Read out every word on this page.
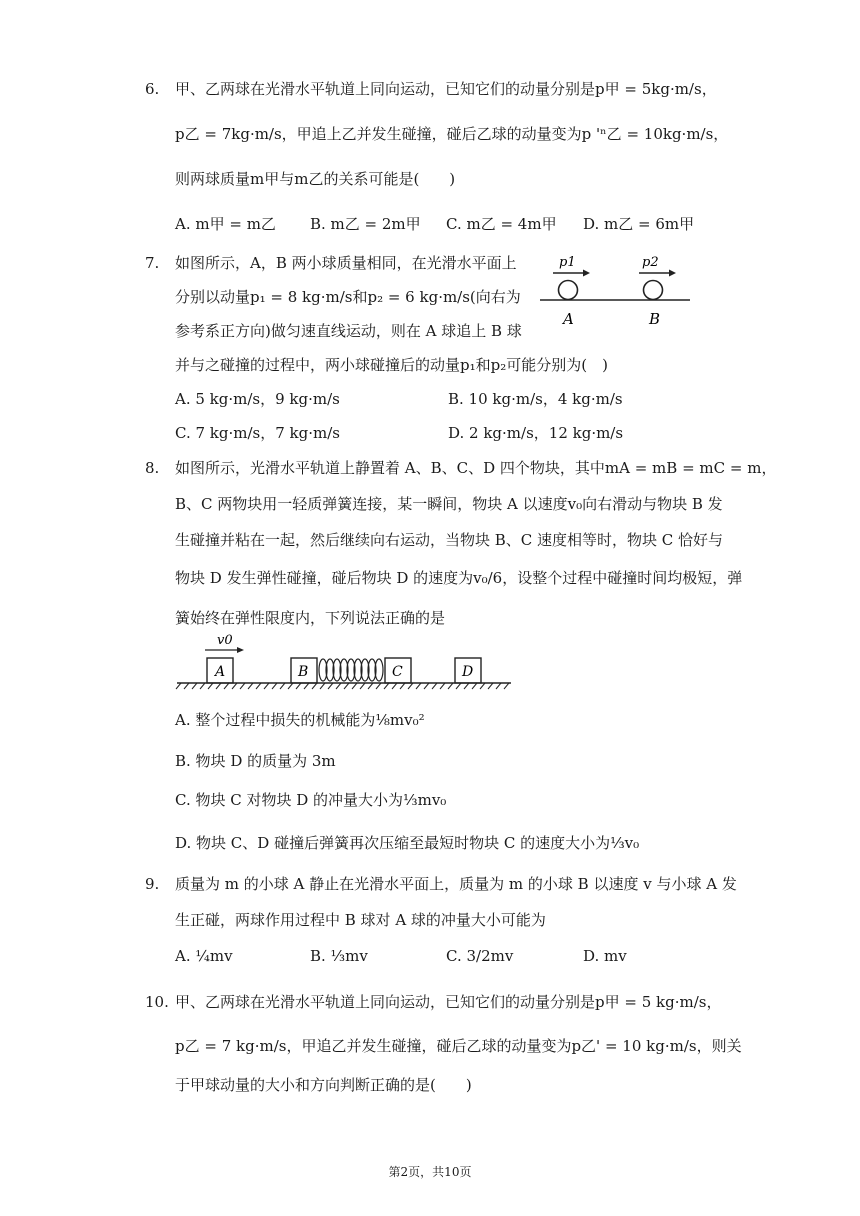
6. 甲、乙两球在光滑水平轨道上同向运动，已知它们的动量分别是p甲 = 5kg·m/s，
p乙 = 7kg·m/s，甲追上乙并发生碰撞，碰后乙球的动量变为p 'ⁿ乙 = 10kg·m/s，
则两球质量m甲与m乙的关系可能是(　　)
A. m甲 = m乙 B. m乙 = 2m甲 C. m乙 = 4m甲 D. m乙 = 6m甲
7. 如图所示，A，B 两小球质量相同，在光滑水平面上
分别以动量p₁ = 8 kg·m/s和p₂ = 6 kg·m/s(向右为
参考系正方向)做匀速直线运动，则在 A 球追上 B 球
并与之碰撞的过程中，两小球碰撞后的动量p₁和p₂可能分别为(　)
p1	p2
A	B
A. 5 kg·m/s，9 kg·m/s	B. 10 kg·m/s，4 kg·m/s
C. 7 kg·m/s，7 kg·m/s	D. 2 kg·m/s，12 kg·m/s
8. 如图所示，光滑水平轨道上静置着 A、B、C、D 四个物块，其中mA = mB = mC = m，
B、C 两物块用一轻质弹簧连接，某一瞬间，物块 A 以速度v₀向右滑动与物块 B 发
生碰撞并粘在一起，然后继续向右运动，当物块 B、C 速度相等时，物块 C 恰好与
物块 D 发生弹性碰撞，碰后物块 D 的速度为v₀/6，设整个过程中碰撞时间均极短，弹
簧始终在弹性限度内，下列说法正确的是
v0
A	B	C	D
A. 整个过程中损失的机械能为⅛mv₀²
B. 物块 D 的质量为 3m
C. 物块 C 对物块 D 的冲量大小为⅓mv₀
D. 物块 C、D 碰撞后弹簧再次压缩至最短时物块 C 的速度大小为⅓v₀
9. 质量为 m 的小球 A 静止在光滑水平面上，质量为 m 的小球 B 以速度 v 与小球 A 发
生正碰，两球作用过程中 B 球对 A 球的冲量大小可能为
A. ¼mv	B. ⅓mv	C. 3/2mv	D. mv
10. 甲、乙两球在光滑水平轨道上同向运动，已知它们的动量分别是p甲 = 5 kg·m/s，
p乙 = 7 kg·m/s，甲追乙并发生碰撞，碰后乙球的动量变为p乙' = 10 kg·m/s，则关
于甲球动量的大小和方向判断正确的是(　　)
第2页，共10页
